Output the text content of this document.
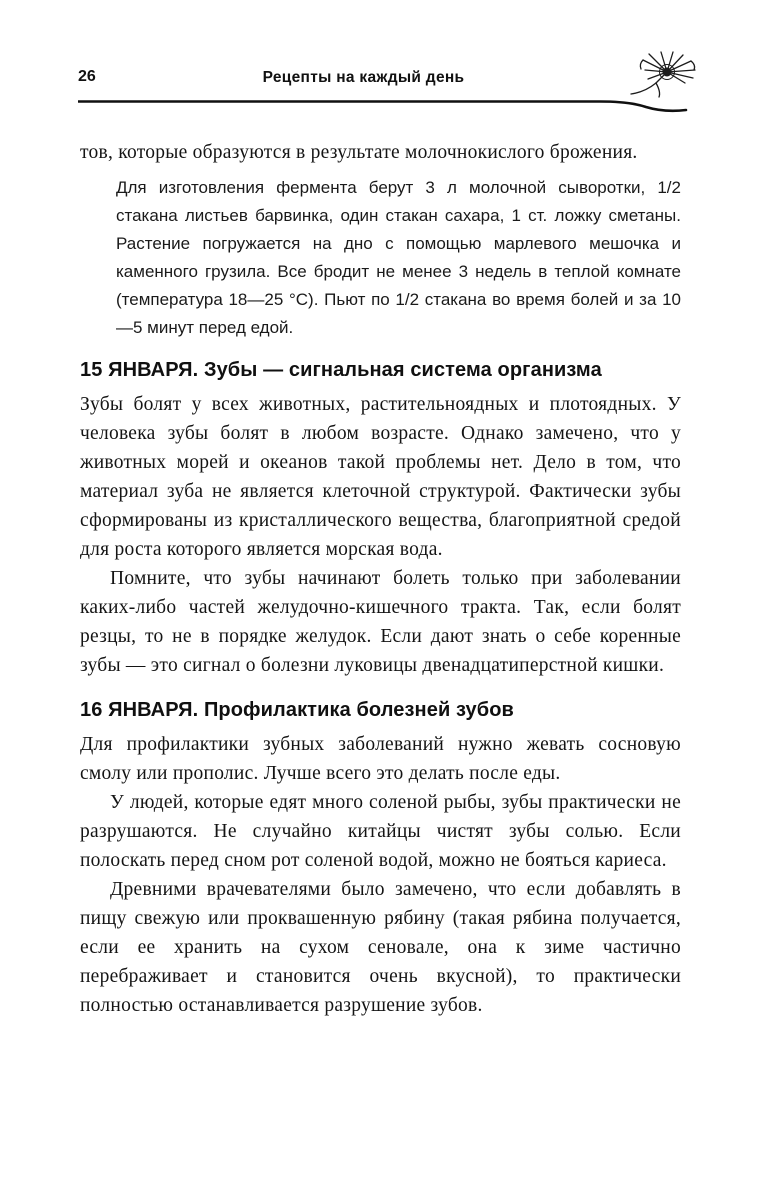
26	Рецепты на каждый день

тов, которые образуются в результате молочнокислого брожения.

Для изготовления фермента берут 3 л молочной сыворотки, 1/2 стакана листьев барвинка, один стакан сахара, 1 ст. ложку сметаны. Растение погружается на дно с помощью марлевого мешочка и каменного грузила. Все бродит не менее 3 недель в теплой комнате (температура 18—25 °С). Пьют по 1/2 стакана во время болей и за 10—5 минут перед едой.

15 ЯНВАРЯ. Зубы — сигнальная система организма

Зубы болят у всех животных, растительноядных и плотоядных. У человека зубы болят в любом возрасте. Однако замечено, что у животных морей и океанов такой проблемы нет. Дело в том, что материал зуба не является клеточной структурой. Фактически зубы сформированы из кристаллического вещества, благоприятной средой для роста которого является морская вода.

Помните, что зубы начинают болеть только при заболевании каких-либо частей желудочно-кишечного тракта. Так, если болят резцы, то не в порядке желудок. Если дают знать о себе коренные зубы — это сигнал о болезни луковицы двенадцатиперстной кишки.

16 ЯНВАРЯ. Профилактика болезней зубов

Для профилактики зубных заболеваний нужно жевать сосновую смолу или прополис. Лучше всего это делать после еды.

У людей, которые едят много соленой рыбы, зубы практически не разрушаются. Не случайно китайцы чистят зубы солью. Если полоскать перед сном рот соленой водой, можно не бояться кариеса.

Древними врачевателями было замечено, что если добавлять в пищу свежую или проквашенную рябину (такая рябина получается, если ее хранить на сухом сеновале, она к зиме частично перебраживает и становится очень вкусной), то практически полностью останавливается разрушение зубов.
